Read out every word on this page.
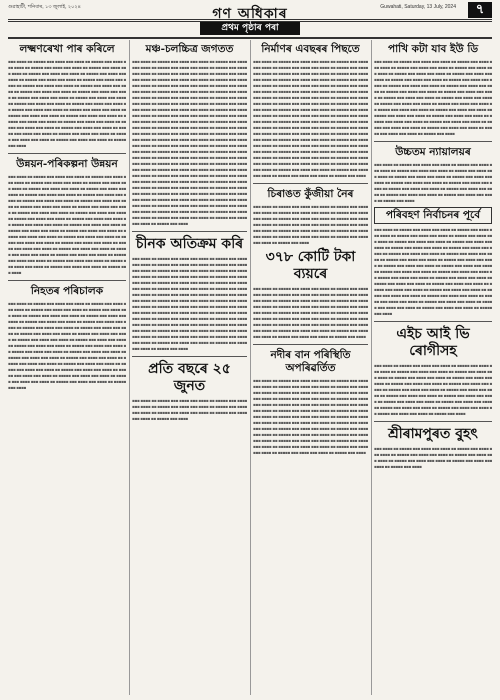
গুৱাহাটী, শনিবাৰ, ১৩ জুলাই, ২০২৪	গণ অধিকাৰ	Guwahati, Saturday, 13 July, 2024	৭
প্ৰথম পৃষ্ঠাৰ পৰা
লক্ষ্মণৰেখা পাৰ কৰিলে
▪▪▪ ▪▪▪▪ ▪▪ ▪▪▪▪▪ ▪▪▪ ▪▪▪▪ ▪▪▪ ▪▪▪▪ ▪▪ ▪▪▪▪▪ ▪▪▪ ▪▪▪▪ ▪▪▪ ▪▪▪▪ ▪▪ ▪▪▪▪▪ ▪▪▪ ▪▪▪▪ ▪▪▪ ▪▪▪▪ ▪▪ ▪▪▪▪▪ ▪▪▪ ▪▪▪▪ ▪▪▪ ▪▪▪▪ ▪▪ ▪▪▪▪▪ ▪▪▪ ▪▪▪▪ ▪▪▪ ▪▪▪▪ ▪▪ ▪▪▪▪▪ ▪▪▪ ▪▪▪▪ ▪▪▪ ▪▪▪▪ ▪▪ ▪▪▪▪▪ ▪▪▪ ▪▪▪▪ ▪▪▪ ▪▪▪▪ ▪▪ ▪▪▪▪▪ ▪▪▪ ▪▪▪▪ ▪▪▪ ▪▪▪▪ ▪▪ ▪▪▪▪▪ ▪▪▪ ▪▪▪▪ ▪▪▪ ▪▪▪▪ ▪▪ ▪▪▪▪▪ ▪▪▪ ▪▪▪▪ ▪▪▪ ▪▪▪▪ ▪▪ ▪▪▪▪▪ ▪▪▪ ▪▪▪▪ ▪▪▪ ▪▪▪▪ ▪▪ ▪▪▪▪▪ ▪▪▪ ▪▪▪▪ ▪▪▪ ▪▪▪▪ ▪▪ ▪▪▪▪▪ ▪▪▪ ▪▪▪▪ ▪▪▪ ▪▪▪▪ ▪▪ ▪▪▪▪▪ ▪▪▪ ▪▪▪▪ ▪▪▪ ▪▪▪▪ ▪▪ ▪▪▪▪▪ ▪▪▪ ▪▪▪▪ ▪▪▪ ▪▪▪▪ ▪▪ ▪▪▪▪▪ ▪▪▪ ▪▪▪▪ ▪▪▪ ▪▪▪▪ ▪▪ ▪▪▪▪▪ ▪▪▪ ▪▪▪▪ ▪▪▪ ▪▪▪▪ ▪▪ ▪▪▪▪▪ ▪▪▪ ▪▪▪▪ ▪▪▪ ▪▪▪▪ ▪▪ ▪▪▪▪▪ ▪▪▪ ▪▪▪▪ ▪▪▪ ▪▪▪▪ ▪▪ ▪▪▪▪▪ ▪▪▪ ▪▪▪▪ ▪▪▪ ▪▪▪▪ ▪▪ ▪▪▪▪▪ ▪▪▪ ▪▪▪▪ ▪▪▪ ▪▪▪▪ ▪▪ ▪▪▪▪▪ ▪▪▪ ▪▪▪▪ ▪▪▪ ▪▪▪▪ ▪▪ ▪▪▪▪▪ ▪▪▪ ▪▪▪▪ ▪▪▪ ▪▪▪▪ ▪▪ ▪▪▪▪▪ ▪▪▪ ▪▪▪▪ ▪▪▪ ▪▪▪▪ ▪▪ ▪▪▪▪▪ ▪▪▪ ▪▪▪▪ ▪▪▪ ▪▪▪▪ ▪▪ ▪▪▪▪▪ ▪▪▪ ▪▪▪▪ ▪▪▪ ▪▪▪▪ ▪▪ ▪▪▪▪▪ ▪▪▪ ▪▪▪▪ ▪▪▪ ▪▪▪▪ ▪▪ ▪▪▪▪▪ ▪▪▪ ▪▪▪▪ ▪▪▪ ▪▪▪▪ ▪▪ ▪▪▪▪▪ ▪▪▪ ▪▪▪▪
উন্নয়ন-পৰিকল্পনা উন্নয়ন
▪▪▪ ▪▪▪▪ ▪▪ ▪▪▪▪▪ ▪▪▪ ▪▪▪▪ ▪▪▪ ▪▪▪▪ ▪▪ ▪▪▪▪▪ ▪▪▪ ▪▪▪▪ ▪▪▪ ▪▪▪▪ ▪▪ ▪▪▪▪▪ ▪▪▪ ▪▪▪▪ ▪▪▪ ▪▪▪▪ ▪▪ ▪▪▪▪▪ ▪▪▪ ▪▪▪▪ ▪▪▪ ▪▪▪▪ ▪▪ ▪▪▪▪▪ ▪▪▪ ▪▪▪▪ ▪▪▪ ▪▪▪▪ ▪▪ ▪▪▪▪▪ ▪▪▪ ▪▪▪▪ ▪▪▪ ▪▪▪▪ ▪▪ ▪▪▪▪▪ ▪▪▪ ▪▪▪▪ ▪▪▪ ▪▪▪▪ ▪▪ ▪▪▪▪▪ ▪▪▪ ▪▪▪▪ ▪▪▪ ▪▪▪▪ ▪▪ ▪▪▪▪▪ ▪▪▪ ▪▪▪▪ ▪▪▪ ▪▪▪▪ ▪▪ ▪▪▪▪▪ ▪▪▪ ▪▪▪▪ ▪▪▪ ▪▪▪▪ ▪▪ ▪▪▪▪▪ ▪▪▪ ▪▪▪▪ ▪▪▪ ▪▪▪▪ ▪▪ ▪▪▪▪▪ ▪▪▪ ▪▪▪▪ ▪▪▪ ▪▪▪▪ ▪▪ ▪▪▪▪▪ ▪▪▪ ▪▪▪▪ ▪▪▪ ▪▪▪▪ ▪▪ ▪▪▪▪▪ ▪▪▪ ▪▪▪▪ ▪▪▪ ▪▪▪▪ ▪▪ ▪▪▪▪▪ ▪▪▪ ▪▪▪▪ ▪▪▪ ▪▪▪▪ ▪▪ ▪▪▪▪▪ ▪▪▪ ▪▪▪▪ ▪▪▪ ▪▪▪▪ ▪▪ ▪▪▪▪▪ ▪▪▪ ▪▪▪▪ ▪▪▪ ▪▪▪▪ ▪▪ ▪▪▪▪▪ ▪▪▪ ▪▪▪▪ ▪▪▪ ▪▪▪▪ ▪▪ ▪▪▪▪▪ ▪▪▪ ▪▪▪▪ ▪▪▪ ▪▪▪▪ ▪▪ ▪▪▪▪▪ ▪▪▪ ▪▪▪▪ ▪▪▪ ▪▪▪▪ ▪▪ ▪▪▪▪▪ ▪▪▪ ▪▪▪▪ ▪▪▪ ▪▪▪▪ ▪▪ ▪▪▪▪▪ ▪▪▪ ▪▪▪▪ ▪▪▪ ▪▪▪▪ ▪▪ ▪▪▪▪▪ ▪▪▪ ▪▪▪▪ ▪▪▪ ▪▪▪▪ ▪▪ ▪▪▪▪▪ ▪▪▪ ▪▪▪▪ ▪▪▪ ▪▪▪▪ ▪▪ ▪▪▪▪▪ ▪▪▪ ▪▪▪▪ ▪▪▪ ▪▪▪▪ ▪▪ ▪▪▪▪▪ ▪▪▪ ▪▪▪▪ ▪▪▪ ▪▪▪▪ ▪▪ ▪▪▪▪▪ ▪▪▪ ▪▪▪▪ ▪▪▪ ▪▪▪▪ ▪▪ ▪▪▪▪▪ ▪▪▪ ▪▪▪▪ ▪▪▪ ▪▪▪▪ ▪▪ ▪▪▪▪▪ ▪▪▪ ▪▪▪▪ ▪▪▪ ▪▪▪▪ ▪▪ ▪▪▪▪▪ ▪▪▪ ▪▪▪▪ ▪▪▪ ▪▪▪▪ ▪▪ ▪▪▪▪▪ ▪▪▪ ▪▪▪▪ ▪▪▪ ▪▪▪▪ ▪▪ ▪▪▪▪▪ ▪▪▪ ▪▪▪▪ ▪▪▪ ▪▪▪▪ ▪▪ ▪▪▪▪▪ ▪▪▪ ▪▪▪▪
নিহতৰ পৰিচালক
▪▪▪ ▪▪▪▪ ▪▪ ▪▪▪▪▪ ▪▪▪ ▪▪▪▪ ▪▪▪ ▪▪▪▪ ▪▪ ▪▪▪▪▪ ▪▪▪ ▪▪▪▪ ▪▪▪ ▪▪▪▪ ▪▪ ▪▪▪▪▪ ▪▪▪ ▪▪▪▪ ▪▪▪ ▪▪▪▪ ▪▪ ▪▪▪▪▪ ▪▪▪ ▪▪▪▪ ▪▪▪ ▪▪▪▪ ▪▪ ▪▪▪▪▪ ▪▪▪ ▪▪▪▪ ▪▪▪ ▪▪▪▪ ▪▪ ▪▪▪▪▪ ▪▪▪ ▪▪▪▪ ▪▪▪ ▪▪▪▪ ▪▪ ▪▪▪▪▪ ▪▪▪ ▪▪▪▪ ▪▪▪ ▪▪▪▪ ▪▪ ▪▪▪▪▪ ▪▪▪ ▪▪▪▪ ▪▪▪ ▪▪▪▪ ▪▪ ▪▪▪▪▪ ▪▪▪ ▪▪▪▪ ▪▪▪ ▪▪▪▪ ▪▪ ▪▪▪▪▪ ▪▪▪ ▪▪▪▪ ▪▪▪ ▪▪▪▪ ▪▪ ▪▪▪▪▪ ▪▪▪ ▪▪▪▪ ▪▪▪ ▪▪▪▪ ▪▪ ▪▪▪▪▪ ▪▪▪ ▪▪▪▪ ▪▪▪ ▪▪▪▪ ▪▪ ▪▪▪▪▪ ▪▪▪ ▪▪▪▪ ▪▪▪ ▪▪▪▪ ▪▪ ▪▪▪▪▪ ▪▪▪ ▪▪▪▪ ▪▪▪ ▪▪▪▪ ▪▪ ▪▪▪▪▪ ▪▪▪ ▪▪▪▪ ▪▪▪ ▪▪▪▪ ▪▪ ▪▪▪▪▪ ▪▪▪ ▪▪▪▪ ▪▪▪ ▪▪▪▪ ▪▪ ▪▪▪▪▪ ▪▪▪ ▪▪▪▪ ▪▪▪ ▪▪▪▪ ▪▪ ▪▪▪▪▪ ▪▪▪ ▪▪▪▪ ▪▪▪ ▪▪▪▪ ▪▪ ▪▪▪▪▪ ▪▪▪ ▪▪▪▪ ▪▪▪ ▪▪▪▪ ▪▪ ▪▪▪▪▪ ▪▪▪ ▪▪▪▪ ▪▪▪ ▪▪▪▪ ▪▪ ▪▪▪▪▪ ▪▪▪ ▪▪▪▪ ▪▪▪ ▪▪▪▪ ▪▪ ▪▪▪▪▪ ▪▪▪ ▪▪▪▪ ▪▪▪ ▪▪▪▪ ▪▪ ▪▪▪▪▪ ▪▪▪ ▪▪▪▪ ▪▪▪ ▪▪▪▪ ▪▪ ▪▪▪▪▪ ▪▪▪ ▪▪▪▪ ▪▪▪ ▪▪▪▪ ▪▪ ▪▪▪▪▪ ▪▪▪ ▪▪▪▪ ▪▪▪ ▪▪▪▪ ▪▪ ▪▪▪▪▪ ▪▪▪ ▪▪▪▪ ▪▪▪ ▪▪▪▪ ▪▪ ▪▪▪▪▪ ▪▪▪ ▪▪▪▪ ▪▪▪ ▪▪▪▪ ▪▪ ▪▪▪▪▪ ▪▪▪ ▪▪▪▪ ▪▪▪ ▪▪▪▪ ▪▪ ▪▪▪▪▪ ▪▪▪ ▪▪▪▪
মঞ্চ-চলচ্চিত্ৰ জগতত
▪▪▪ ▪▪▪▪ ▪▪ ▪▪▪▪▪ ▪▪▪ ▪▪▪▪ ▪▪▪ ▪▪▪▪ ▪▪ ▪▪▪▪▪ ▪▪▪ ▪▪▪▪ ▪▪▪ ▪▪▪▪ ▪▪ ▪▪▪▪▪ ▪▪▪ ▪▪▪▪ ▪▪▪ ▪▪▪▪ ▪▪ ▪▪▪▪▪ ▪▪▪ ▪▪▪▪ ▪▪▪ ▪▪▪▪ ▪▪ ▪▪▪▪▪ ▪▪▪ ▪▪▪▪ ▪▪▪ ▪▪▪▪ ▪▪ ▪▪▪▪▪ ▪▪▪ ▪▪▪▪ ▪▪▪ ▪▪▪▪ ▪▪ ▪▪▪▪▪ ▪▪▪ ▪▪▪▪ ▪▪▪ ▪▪▪▪ ▪▪ ▪▪▪▪▪ ▪▪▪ ▪▪▪▪ ▪▪▪ ▪▪▪▪ ▪▪ ▪▪▪▪▪ ▪▪▪ ▪▪▪▪ ▪▪▪ ▪▪▪▪ ▪▪ ▪▪▪▪▪ ▪▪▪ ▪▪▪▪ ▪▪▪ ▪▪▪▪ ▪▪ ▪▪▪▪▪ ▪▪▪ ▪▪▪▪ ▪▪▪ ▪▪▪▪ ▪▪ ▪▪▪▪▪ ▪▪▪ ▪▪▪▪ ▪▪▪ ▪▪▪▪ ▪▪ ▪▪▪▪▪ ▪▪▪ ▪▪▪▪ ▪▪▪ ▪▪▪▪ ▪▪ ▪▪▪▪▪ ▪▪▪ ▪▪▪▪ ▪▪▪ ▪▪▪▪ ▪▪ ▪▪▪▪▪ ▪▪▪ ▪▪▪▪ ▪▪▪ ▪▪▪▪ ▪▪ ▪▪▪▪▪ ▪▪▪ ▪▪▪▪ ▪▪▪ ▪▪▪▪ ▪▪ ▪▪▪▪▪ ▪▪▪ ▪▪▪▪ ▪▪▪ ▪▪▪▪ ▪▪ ▪▪▪▪▪ ▪▪▪ ▪▪▪▪ ▪▪▪ ▪▪▪▪ ▪▪ ▪▪▪▪▪ ▪▪▪ ▪▪▪▪ ▪▪▪ ▪▪▪▪ ▪▪ ▪▪▪▪▪ ▪▪▪ ▪▪▪▪ ▪▪▪ ▪▪▪▪ ▪▪ ▪▪▪▪▪ ▪▪▪ ▪▪▪▪ ▪▪▪ ▪▪▪▪ ▪▪ ▪▪▪▪▪ ▪▪▪ ▪▪▪▪ ▪▪▪ ▪▪▪▪ ▪▪ ▪▪▪▪▪ ▪▪▪ ▪▪▪▪ ▪▪▪ ▪▪▪▪ ▪▪ ▪▪▪▪▪ ▪▪▪ ▪▪▪▪ ▪▪▪ ▪▪▪▪ ▪▪ ▪▪▪▪▪ ▪▪▪ ▪▪▪▪ ▪▪▪ ▪▪▪▪ ▪▪ ▪▪▪▪▪ ▪▪▪ ▪▪▪▪ ▪▪▪ ▪▪▪▪ ▪▪ ▪▪▪▪▪ ▪▪▪ ▪▪▪▪ ▪▪▪ ▪▪▪▪ ▪▪ ▪▪▪▪▪ ▪▪▪ ▪▪▪▪ ▪▪▪ ▪▪▪▪ ▪▪ ▪▪▪▪▪ ▪▪▪ ▪▪▪▪ ▪▪▪ ▪▪▪▪ ▪▪ ▪▪▪▪▪ ▪▪▪ ▪▪▪▪ ▪▪▪ ▪▪▪▪ ▪▪ ▪▪▪▪▪ ▪▪▪ ▪▪▪▪ ▪▪▪ ▪▪▪▪ ▪▪ ▪▪▪▪▪ ▪▪▪ ▪▪▪▪ ▪▪▪ ▪▪▪▪ ▪▪ ▪▪▪▪▪ ▪▪▪ ▪▪▪▪ ▪▪▪ ▪▪▪▪ ▪▪ ▪▪▪▪▪ ▪▪▪ ▪▪▪▪ ▪▪▪ ▪▪▪▪ ▪▪ ▪▪▪▪▪ ▪▪▪ ▪▪▪▪ ▪▪▪ ▪▪▪▪ ▪▪ ▪▪▪▪▪ ▪▪▪ ▪▪▪▪ ▪▪▪ ▪▪▪▪ ▪▪ ▪▪▪▪▪ ▪▪▪ ▪▪▪▪ ▪▪▪ ▪▪▪▪ ▪▪ ▪▪▪▪▪ ▪▪▪ ▪▪▪▪ ▪▪▪ ▪▪▪▪ ▪▪ ▪▪▪▪▪ ▪▪▪ ▪▪▪▪ ▪▪▪ ▪▪▪▪ ▪▪ ▪▪▪▪▪ ▪▪▪ ▪▪▪▪ ▪▪▪ ▪▪▪▪ ▪▪ ▪▪▪▪▪ ▪▪▪ ▪▪▪▪ ▪▪▪ ▪▪▪▪ ▪▪ ▪▪▪▪▪ ▪▪▪ ▪▪▪▪ ▪▪▪ ▪▪▪▪ ▪▪ ▪▪▪▪▪ ▪▪▪ ▪▪▪▪ ▪▪▪ ▪▪▪▪ ▪▪ ▪▪▪▪▪ ▪▪▪ ▪▪▪▪ ▪▪▪ ▪▪▪▪ ▪▪ ▪▪▪▪▪ ▪▪▪ ▪▪▪▪ ▪▪▪ ▪▪▪▪ ▪▪ ▪▪▪▪▪ ▪▪▪ ▪▪▪▪ ▪▪▪ ▪▪▪▪ ▪▪ ▪▪▪▪▪ ▪▪▪ ▪▪▪▪ ▪▪▪ ▪▪▪▪ ▪▪ ▪▪▪▪▪ ▪▪▪ ▪▪▪▪ ▪▪▪ ▪▪▪▪ ▪▪ ▪▪▪▪▪ ▪▪▪ ▪▪▪▪ ▪▪▪ ▪▪▪▪ ▪▪ ▪▪▪▪▪ ▪▪▪ ▪▪▪▪ ▪▪▪ ▪▪▪▪ ▪▪ ▪▪▪▪▪ ▪▪▪ ▪▪▪▪ ▪▪▪ ▪▪▪▪ ▪▪ ▪▪▪▪▪ ▪▪▪ ▪▪▪▪ ▪▪▪ ▪▪▪▪ ▪▪ ▪▪▪▪▪ ▪▪▪ ▪▪▪▪ ▪▪▪ ▪▪▪▪ ▪▪ ▪▪▪▪▪ ▪▪▪ ▪▪▪▪ ▪▪▪ ▪▪▪▪ ▪▪ ▪▪▪▪▪ ▪▪▪ ▪▪▪▪
চীনক অতিক্ৰম কৰি
▪▪▪ ▪▪▪▪ ▪▪ ▪▪▪▪▪ ▪▪▪ ▪▪▪▪ ▪▪▪ ▪▪▪▪ ▪▪ ▪▪▪▪▪ ▪▪▪ ▪▪▪▪ ▪▪▪ ▪▪▪▪ ▪▪ ▪▪▪▪▪ ▪▪▪ ▪▪▪▪ ▪▪▪ ▪▪▪▪ ▪▪ ▪▪▪▪▪ ▪▪▪ ▪▪▪▪ ▪▪▪ ▪▪▪▪ ▪▪ ▪▪▪▪▪ ▪▪▪ ▪▪▪▪ ▪▪▪ ▪▪▪▪ ▪▪ ▪▪▪▪▪ ▪▪▪ ▪▪▪▪ ▪▪▪ ▪▪▪▪ ▪▪ ▪▪▪▪▪ ▪▪▪ ▪▪▪▪ ▪▪▪ ▪▪▪▪ ▪▪ ▪▪▪▪▪ ▪▪▪ ▪▪▪▪ ▪▪▪ ▪▪▪▪ ▪▪ ▪▪▪▪▪ ▪▪▪ ▪▪▪▪ ▪▪▪ ▪▪▪▪ ▪▪ ▪▪▪▪▪ ▪▪▪ ▪▪▪▪ ▪▪▪ ▪▪▪▪ ▪▪ ▪▪▪▪▪ ▪▪▪ ▪▪▪▪ ▪▪▪ ▪▪▪▪ ▪▪ ▪▪▪▪▪ ▪▪▪ ▪▪▪▪ ▪▪▪ ▪▪▪▪ ▪▪ ▪▪▪▪▪ ▪▪▪ ▪▪▪▪ ▪▪▪ ▪▪▪▪ ▪▪ ▪▪▪▪▪ ▪▪▪ ▪▪▪▪ ▪▪▪ ▪▪▪▪ ▪▪ ▪▪▪▪▪ ▪▪▪ ▪▪▪▪ ▪▪▪ ▪▪▪▪ ▪▪ ▪▪▪▪▪ ▪▪▪ ▪▪▪▪ ▪▪▪ ▪▪▪▪ ▪▪ ▪▪▪▪▪ ▪▪▪ ▪▪▪▪ ▪▪▪ ▪▪▪▪ ▪▪ ▪▪▪▪▪ ▪▪▪ ▪▪▪▪ ▪▪▪ ▪▪▪▪ ▪▪ ▪▪▪▪▪ ▪▪▪ ▪▪▪▪ ▪▪▪ ▪▪▪▪ ▪▪ ▪▪▪▪▪ ▪▪▪ ▪▪▪▪ ▪▪▪ ▪▪▪▪ ▪▪ ▪▪▪▪▪ ▪▪▪ ▪▪▪▪ ▪▪▪ ▪▪▪▪ ▪▪ ▪▪▪▪▪ ▪▪▪ ▪▪▪▪ ▪▪▪ ▪▪▪▪ ▪▪ ▪▪▪▪▪ ▪▪▪ ▪▪▪▪ ▪▪▪ ▪▪▪▪ ▪▪ ▪▪▪▪▪ ▪▪▪ ▪▪▪▪ ▪▪▪ ▪▪▪▪ ▪▪ ▪▪▪▪▪ ▪▪▪ ▪▪▪▪ ▪▪▪ ▪▪▪▪ ▪▪ ▪▪▪▪▪ ▪▪▪ ▪▪▪▪ ▪▪▪ ▪▪▪▪ ▪▪ ▪▪▪▪▪ ▪▪▪ ▪▪▪▪ ▪▪▪ ▪▪▪▪ ▪▪ ▪▪▪▪▪ ▪▪▪ ▪▪▪▪ ▪▪▪ ▪▪▪▪ ▪▪ ▪▪▪▪▪ ▪▪▪ ▪▪▪▪ ▪▪▪ ▪▪▪▪ ▪▪ ▪▪▪▪▪ ▪▪▪ ▪▪▪▪ ▪▪▪ ▪▪▪▪ ▪▪ ▪▪▪▪▪ ▪▪▪ ▪▪▪▪
প্ৰতি বছৰে ২৫ জুনত
▪▪▪ ▪▪▪▪ ▪▪ ▪▪▪▪▪ ▪▪▪ ▪▪▪▪ ▪▪▪ ▪▪▪▪ ▪▪ ▪▪▪▪▪ ▪▪▪ ▪▪▪▪ ▪▪▪ ▪▪▪▪ ▪▪ ▪▪▪▪▪ ▪▪▪ ▪▪▪▪ ▪▪▪ ▪▪▪▪ ▪▪ ▪▪▪▪▪ ▪▪▪ ▪▪▪▪ ▪▪▪ ▪▪▪▪ ▪▪ ▪▪▪▪▪ ▪▪▪ ▪▪▪▪ ▪▪▪ ▪▪▪▪ ▪▪ ▪▪▪▪▪ ▪▪▪ ▪▪▪▪ ▪▪▪ ▪▪▪▪ ▪▪ ▪▪▪▪▪ ▪▪▪ ▪▪▪▪
নিৰ্মাণৰ এবছৰৰ পিছতে
▪▪▪ ▪▪▪▪ ▪▪ ▪▪▪▪▪ ▪▪▪ ▪▪▪▪ ▪▪▪ ▪▪▪▪ ▪▪ ▪▪▪▪▪ ▪▪▪ ▪▪▪▪ ▪▪▪ ▪▪▪▪ ▪▪ ▪▪▪▪▪ ▪▪▪ ▪▪▪▪ ▪▪▪ ▪▪▪▪ ▪▪ ▪▪▪▪▪ ▪▪▪ ▪▪▪▪ ▪▪▪ ▪▪▪▪ ▪▪ ▪▪▪▪▪ ▪▪▪ ▪▪▪▪ ▪▪▪ ▪▪▪▪ ▪▪ ▪▪▪▪▪ ▪▪▪ ▪▪▪▪ ▪▪▪ ▪▪▪▪ ▪▪ ▪▪▪▪▪ ▪▪▪ ▪▪▪▪ ▪▪▪ ▪▪▪▪ ▪▪ ▪▪▪▪▪ ▪▪▪ ▪▪▪▪ ▪▪▪ ▪▪▪▪ ▪▪ ▪▪▪▪▪ ▪▪▪ ▪▪▪▪ ▪▪▪ ▪▪▪▪ ▪▪ ▪▪▪▪▪ ▪▪▪ ▪▪▪▪ ▪▪▪ ▪▪▪▪ ▪▪ ▪▪▪▪▪ ▪▪▪ ▪▪▪▪ ▪▪▪ ▪▪▪▪ ▪▪ ▪▪▪▪▪ ▪▪▪ ▪▪▪▪ ▪▪▪ ▪▪▪▪ ▪▪ ▪▪▪▪▪ ▪▪▪ ▪▪▪▪ ▪▪▪ ▪▪▪▪ ▪▪ ▪▪▪▪▪ ▪▪▪ ▪▪▪▪ ▪▪▪ ▪▪▪▪ ▪▪ ▪▪▪▪▪ ▪▪▪ ▪▪▪▪ ▪▪▪ ▪▪▪▪ ▪▪ ▪▪▪▪▪ ▪▪▪ ▪▪▪▪ ▪▪▪ ▪▪▪▪ ▪▪ ▪▪▪▪▪ ▪▪▪ ▪▪▪▪ ▪▪▪ ▪▪▪▪ ▪▪ ▪▪▪▪▪ ▪▪▪ ▪▪▪▪ ▪▪▪ ▪▪▪▪ ▪▪ ▪▪▪▪▪ ▪▪▪ ▪▪▪▪ ▪▪▪ ▪▪▪▪ ▪▪ ▪▪▪▪▪ ▪▪▪ ▪▪▪▪ ▪▪▪ ▪▪▪▪ ▪▪ ▪▪▪▪▪ ▪▪▪ ▪▪▪▪ ▪▪▪ ▪▪▪▪ ▪▪ ▪▪▪▪▪ ▪▪▪ ▪▪▪▪ ▪▪▪ ▪▪▪▪ ▪▪ ▪▪▪▪▪ ▪▪▪ ▪▪▪▪ ▪▪▪ ▪▪▪▪ ▪▪ ▪▪▪▪▪ ▪▪▪ ▪▪▪▪ ▪▪▪ ▪▪▪▪ ▪▪ ▪▪▪▪▪ ▪▪▪ ▪▪▪▪ ▪▪▪ ▪▪▪▪ ▪▪ ▪▪▪▪▪ ▪▪▪ ▪▪▪▪ ▪▪▪ ▪▪▪▪ ▪▪ ▪▪▪▪▪ ▪▪▪ ▪▪▪▪ ▪▪▪ ▪▪▪▪ ▪▪ ▪▪▪▪▪ ▪▪▪ ▪▪▪▪ ▪▪▪ ▪▪▪▪ ▪▪ ▪▪▪▪▪ ▪▪▪ ▪▪▪▪ ▪▪▪ ▪▪▪▪ ▪▪ ▪▪▪▪▪ ▪▪▪ ▪▪▪▪ ▪▪▪ ▪▪▪▪ ▪▪ ▪▪▪▪▪ ▪▪▪ ▪▪▪▪ ▪▪▪ ▪▪▪▪ ▪▪ ▪▪▪▪▪ ▪▪▪ ▪▪▪▪ ▪▪▪ ▪▪▪▪ ▪▪ ▪▪▪▪▪ ▪▪▪ ▪▪▪▪ ▪▪▪ ▪▪▪▪ ▪▪ ▪▪▪▪▪ ▪▪▪ ▪▪▪▪ ▪▪▪ ▪▪▪▪ ▪▪ ▪▪▪▪▪ ▪▪▪ ▪▪▪▪ ▪▪▪ ▪▪▪▪ ▪▪ ▪▪▪▪▪ ▪▪▪ ▪▪▪▪ ▪▪▪ ▪▪▪▪ ▪▪ ▪▪▪▪▪ ▪▪▪ ▪▪▪▪ ▪▪▪ ▪▪▪▪ ▪▪ ▪▪▪▪▪ ▪▪▪ ▪▪▪▪ ▪▪▪ ▪▪▪▪ ▪▪ ▪▪▪▪▪ ▪▪▪ ▪▪▪▪ ▪▪▪ ▪▪▪▪ ▪▪ ▪▪▪▪▪ ▪▪▪ ▪▪▪▪
চিৰাঙত কুঁজীয়া নৈৰ
▪▪▪ ▪▪▪▪ ▪▪ ▪▪▪▪▪ ▪▪▪ ▪▪▪▪ ▪▪▪ ▪▪▪▪ ▪▪ ▪▪▪▪▪ ▪▪▪ ▪▪▪▪ ▪▪▪ ▪▪▪▪ ▪▪ ▪▪▪▪▪ ▪▪▪ ▪▪▪▪ ▪▪▪ ▪▪▪▪ ▪▪ ▪▪▪▪▪ ▪▪▪ ▪▪▪▪ ▪▪▪ ▪▪▪▪ ▪▪ ▪▪▪▪▪ ▪▪▪ ▪▪▪▪ ▪▪▪ ▪▪▪▪ ▪▪ ▪▪▪▪▪ ▪▪▪ ▪▪▪▪ ▪▪▪ ▪▪▪▪ ▪▪ ▪▪▪▪▪ ▪▪▪ ▪▪▪▪ ▪▪▪ ▪▪▪▪ ▪▪ ▪▪▪▪▪ ▪▪▪ ▪▪▪▪ ▪▪▪ ▪▪▪▪ ▪▪ ▪▪▪▪▪ ▪▪▪ ▪▪▪▪ ▪▪▪ ▪▪▪▪ ▪▪ ▪▪▪▪▪ ▪▪▪ ▪▪▪▪ ▪▪▪ ▪▪▪▪ ▪▪ ▪▪▪▪▪ ▪▪▪ ▪▪▪▪ ▪▪▪ ▪▪▪▪ ▪▪ ▪▪▪▪▪ ▪▪▪ ▪▪▪▪ ▪▪▪ ▪▪▪▪ ▪▪ ▪▪▪▪▪ ▪▪▪ ▪▪▪▪
৩৭৮ কোটি টকা ব্যয়ৰে
▪▪▪ ▪▪▪▪ ▪▪ ▪▪▪▪▪ ▪▪▪ ▪▪▪▪ ▪▪▪ ▪▪▪▪ ▪▪ ▪▪▪▪▪ ▪▪▪ ▪▪▪▪ ▪▪▪ ▪▪▪▪ ▪▪ ▪▪▪▪▪ ▪▪▪ ▪▪▪▪ ▪▪▪ ▪▪▪▪ ▪▪ ▪▪▪▪▪ ▪▪▪ ▪▪▪▪ ▪▪▪ ▪▪▪▪ ▪▪ ▪▪▪▪▪ ▪▪▪ ▪▪▪▪ ▪▪▪ ▪▪▪▪ ▪▪ ▪▪▪▪▪ ▪▪▪ ▪▪▪▪ ▪▪▪ ▪▪▪▪ ▪▪ ▪▪▪▪▪ ▪▪▪ ▪▪▪▪ ▪▪▪ ▪▪▪▪ ▪▪ ▪▪▪▪▪ ▪▪▪ ▪▪▪▪ ▪▪▪ ▪▪▪▪ ▪▪ ▪▪▪▪▪ ▪▪▪ ▪▪▪▪ ▪▪▪ ▪▪▪▪ ▪▪ ▪▪▪▪▪ ▪▪▪ ▪▪▪▪ ▪▪▪ ▪▪▪▪ ▪▪ ▪▪▪▪▪ ▪▪▪ ▪▪▪▪ ▪▪▪ ▪▪▪▪ ▪▪ ▪▪▪▪▪ ▪▪▪ ▪▪▪▪ ▪▪▪ ▪▪▪▪ ▪▪ ▪▪▪▪▪ ▪▪▪ ▪▪▪▪ ▪▪▪ ▪▪▪▪ ▪▪ ▪▪▪▪▪ ▪▪▪ ▪▪▪▪ ▪▪▪ ▪▪▪▪ ▪▪ ▪▪▪▪▪ ▪▪▪ ▪▪▪▪ ▪▪▪ ▪▪▪▪ ▪▪ ▪▪▪▪▪ ▪▪▪ ▪▪▪▪ ▪▪▪ ▪▪▪▪ ▪▪ ▪▪▪▪▪ ▪▪▪ ▪▪▪▪ ▪▪▪ ▪▪▪▪ ▪▪ ▪▪▪▪▪ ▪▪▪ ▪▪▪▪
নদীৰ বান পৰিস্থিতি অপৰিৱৰ্তিত
▪▪▪ ▪▪▪▪ ▪▪ ▪▪▪▪▪ ▪▪▪ ▪▪▪▪ ▪▪▪ ▪▪▪▪ ▪▪ ▪▪▪▪▪ ▪▪▪ ▪▪▪▪ ▪▪▪ ▪▪▪▪ ▪▪ ▪▪▪▪▪ ▪▪▪ ▪▪▪▪ ▪▪▪ ▪▪▪▪ ▪▪ ▪▪▪▪▪ ▪▪▪ ▪▪▪▪ ▪▪▪ ▪▪▪▪ ▪▪ ▪▪▪▪▪ ▪▪▪ ▪▪▪▪ ▪▪▪ ▪▪▪▪ ▪▪ ▪▪▪▪▪ ▪▪▪ ▪▪▪▪ ▪▪▪ ▪▪▪▪ ▪▪ ▪▪▪▪▪ ▪▪▪ ▪▪▪▪ ▪▪▪ ▪▪▪▪ ▪▪ ▪▪▪▪▪ ▪▪▪ ▪▪▪▪ ▪▪▪ ▪▪▪▪ ▪▪ ▪▪▪▪▪ ▪▪▪ ▪▪▪▪ ▪▪▪ ▪▪▪▪ ▪▪ ▪▪▪▪▪ ▪▪▪ ▪▪▪▪ ▪▪▪ ▪▪▪▪ ▪▪ ▪▪▪▪▪ ▪▪▪ ▪▪▪▪ ▪▪▪ ▪▪▪▪ ▪▪ ▪▪▪▪▪ ▪▪▪ ▪▪▪▪ ▪▪▪ ▪▪▪▪ ▪▪ ▪▪▪▪▪ ▪▪▪ ▪▪▪▪ ▪▪▪ ▪▪▪▪ ▪▪ ▪▪▪▪▪ ▪▪▪ ▪▪▪▪ ▪▪▪ ▪▪▪▪ ▪▪ ▪▪▪▪▪ ▪▪▪ ▪▪▪▪ ▪▪▪ ▪▪▪▪ ▪▪ ▪▪▪▪▪ ▪▪▪ ▪▪▪▪ ▪▪▪ ▪▪▪▪ ▪▪ ▪▪▪▪▪ ▪▪▪ ▪▪▪▪ ▪▪▪ ▪▪▪▪ ▪▪ ▪▪▪▪▪ ▪▪▪ ▪▪▪▪ ▪▪▪ ▪▪▪▪ ▪▪ ▪▪▪▪▪ ▪▪▪ ▪▪▪▪ ▪▪▪ ▪▪▪▪ ▪▪ ▪▪▪▪▪ ▪▪▪ ▪▪▪▪ ▪▪▪ ▪▪▪▪ ▪▪ ▪▪▪▪▪ ▪▪▪ ▪▪▪▪ ▪▪▪ ▪▪▪▪ ▪▪ ▪▪▪▪▪ ▪▪▪ ▪▪▪▪ ▪▪▪ ▪▪▪▪ ▪▪ ▪▪▪▪▪ ▪▪▪ ▪▪▪▪ ▪▪▪ ▪▪▪▪ ▪▪ ▪▪▪▪▪ ▪▪▪ ▪▪▪▪ ▪▪▪ ▪▪▪▪ ▪▪ ▪▪▪▪▪ ▪▪▪ ▪▪▪▪ ▪▪▪ ▪▪▪▪ ▪▪ ▪▪▪▪▪ ▪▪▪ ▪▪▪▪
পাখি কটা যাব ইউ ডি
▪▪▪ ▪▪▪▪ ▪▪ ▪▪▪▪▪ ▪▪▪ ▪▪▪▪ ▪▪▪ ▪▪▪▪ ▪▪ ▪▪▪▪▪ ▪▪▪ ▪▪▪▪ ▪▪▪ ▪▪▪▪ ▪▪ ▪▪▪▪▪ ▪▪▪ ▪▪▪▪ ▪▪▪ ▪▪▪▪ ▪▪ ▪▪▪▪▪ ▪▪▪ ▪▪▪▪ ▪▪▪ ▪▪▪▪ ▪▪ ▪▪▪▪▪ ▪▪▪ ▪▪▪▪ ▪▪▪ ▪▪▪▪ ▪▪ ▪▪▪▪▪ ▪▪▪ ▪▪▪▪ ▪▪▪ ▪▪▪▪ ▪▪ ▪▪▪▪▪ ▪▪▪ ▪▪▪▪ ▪▪▪ ▪▪▪▪ ▪▪ ▪▪▪▪▪ ▪▪▪ ▪▪▪▪ ▪▪▪ ▪▪▪▪ ▪▪ ▪▪▪▪▪ ▪▪▪ ▪▪▪▪ ▪▪▪ ▪▪▪▪ ▪▪ ▪▪▪▪▪ ▪▪▪ ▪▪▪▪ ▪▪▪ ▪▪▪▪ ▪▪ ▪▪▪▪▪ ▪▪▪ ▪▪▪▪ ▪▪▪ ▪▪▪▪ ▪▪ ▪▪▪▪▪ ▪▪▪ ▪▪▪▪ ▪▪▪ ▪▪▪▪ ▪▪ ▪▪▪▪▪ ▪▪▪ ▪▪▪▪ ▪▪▪ ▪▪▪▪ ▪▪ ▪▪▪▪▪ ▪▪▪ ▪▪▪▪ ▪▪▪ ▪▪▪▪ ▪▪ ▪▪▪▪▪ ▪▪▪ ▪▪▪▪ ▪▪▪ ▪▪▪▪ ▪▪ ▪▪▪▪▪ ▪▪▪ ▪▪▪▪ ▪▪▪ ▪▪▪▪ ▪▪ ▪▪▪▪▪ ▪▪▪ ▪▪▪▪ ▪▪▪ ▪▪▪▪ ▪▪ ▪▪▪▪▪ ▪▪▪ ▪▪▪▪ ▪▪▪ ▪▪▪▪ ▪▪ ▪▪▪▪▪ ▪▪▪ ▪▪▪▪ ▪▪▪ ▪▪▪▪ ▪▪ ▪▪▪▪▪ ▪▪▪ ▪▪▪▪ ▪▪▪ ▪▪▪▪ ▪▪ ▪▪▪▪▪ ▪▪▪ ▪▪▪▪ ▪▪▪ ▪▪▪▪ ▪▪ ▪▪▪▪▪ ▪▪▪ ▪▪▪▪ ▪▪▪ ▪▪▪▪ ▪▪ ▪▪▪▪▪ ▪▪▪ ▪▪▪▪ ▪▪▪ ▪▪▪▪ ▪▪ ▪▪▪▪▪ ▪▪▪ ▪▪▪▪ ▪▪▪ ▪▪▪▪ ▪▪ ▪▪▪▪▪ ▪▪▪ ▪▪▪▪ ▪▪▪ ▪▪▪▪ ▪▪ ▪▪▪▪▪ ▪▪▪ ▪▪▪▪
উচ্চতম ন্যায়ালয়ৰ
▪▪▪ ▪▪▪▪ ▪▪ ▪▪▪▪▪ ▪▪▪ ▪▪▪▪ ▪▪▪ ▪▪▪▪ ▪▪ ▪▪▪▪▪ ▪▪▪ ▪▪▪▪ ▪▪▪ ▪▪▪▪ ▪▪ ▪▪▪▪▪ ▪▪▪ ▪▪▪▪ ▪▪▪ ▪▪▪▪ ▪▪ ▪▪▪▪▪ ▪▪▪ ▪▪▪▪ ▪▪▪ ▪▪▪▪ ▪▪ ▪▪▪▪▪ ▪▪▪ ▪▪▪▪ ▪▪▪ ▪▪▪▪ ▪▪ ▪▪▪▪▪ ▪▪▪ ▪▪▪▪ ▪▪▪ ▪▪▪▪ ▪▪ ▪▪▪▪▪ ▪▪▪ ▪▪▪▪ ▪▪▪ ▪▪▪▪ ▪▪ ▪▪▪▪▪ ▪▪▪ ▪▪▪▪ ▪▪▪ ▪▪▪▪ ▪▪ ▪▪▪▪▪ ▪▪▪ ▪▪▪▪ ▪▪▪ ▪▪▪▪ ▪▪ ▪▪▪▪▪ ▪▪▪ ▪▪▪▪ ▪▪▪ ▪▪▪▪ ▪▪ ▪▪▪▪▪ ▪▪▪ ▪▪▪▪ ▪▪▪ ▪▪▪▪ ▪▪ ▪▪▪▪▪ ▪▪▪ ▪▪▪▪ ▪▪▪ ▪▪▪▪ ▪▪ ▪▪▪▪▪ ▪▪▪ ▪▪▪▪
পৰিবহণ নিৰ্বাচনৰ পূৰ্বে
▪▪▪ ▪▪▪▪ ▪▪ ▪▪▪▪▪ ▪▪▪ ▪▪▪▪ ▪▪▪ ▪▪▪▪ ▪▪ ▪▪▪▪▪ ▪▪▪ ▪▪▪▪ ▪▪▪ ▪▪▪▪ ▪▪ ▪▪▪▪▪ ▪▪▪ ▪▪▪▪ ▪▪▪ ▪▪▪▪ ▪▪ ▪▪▪▪▪ ▪▪▪ ▪▪▪▪ ▪▪▪ ▪▪▪▪ ▪▪ ▪▪▪▪▪ ▪▪▪ ▪▪▪▪ ▪▪▪ ▪▪▪▪ ▪▪ ▪▪▪▪▪ ▪▪▪ ▪▪▪▪ ▪▪▪ ▪▪▪▪ ▪▪ ▪▪▪▪▪ ▪▪▪ ▪▪▪▪ ▪▪▪ ▪▪▪▪ ▪▪ ▪▪▪▪▪ ▪▪▪ ▪▪▪▪ ▪▪▪ ▪▪▪▪ ▪▪ ▪▪▪▪▪ ▪▪▪ ▪▪▪▪ ▪▪▪ ▪▪▪▪ ▪▪ ▪▪▪▪▪ ▪▪▪ ▪▪▪▪ ▪▪▪ ▪▪▪▪ ▪▪ ▪▪▪▪▪ ▪▪▪ ▪▪▪▪ ▪▪▪ ▪▪▪▪ ▪▪ ▪▪▪▪▪ ▪▪▪ ▪▪▪▪ ▪▪▪ ▪▪▪▪ ▪▪ ▪▪▪▪▪ ▪▪▪ ▪▪▪▪ ▪▪▪ ▪▪▪▪ ▪▪ ▪▪▪▪▪ ▪▪▪ ▪▪▪▪ ▪▪▪ ▪▪▪▪ ▪▪ ▪▪▪▪▪ ▪▪▪ ▪▪▪▪ ▪▪▪ ▪▪▪▪ ▪▪ ▪▪▪▪▪ ▪▪▪ ▪▪▪▪ ▪▪▪ ▪▪▪▪ ▪▪ ▪▪▪▪▪ ▪▪▪ ▪▪▪▪ ▪▪▪ ▪▪▪▪ ▪▪ ▪▪▪▪▪ ▪▪▪ ▪▪▪▪ ▪▪▪ ▪▪▪▪ ▪▪ ▪▪▪▪▪ ▪▪▪ ▪▪▪▪ ▪▪▪ ▪▪▪▪ ▪▪ ▪▪▪▪▪ ▪▪▪ ▪▪▪▪ ▪▪▪ ▪▪▪▪ ▪▪ ▪▪▪▪▪ ▪▪▪ ▪▪▪▪ ▪▪▪ ▪▪▪▪ ▪▪ ▪▪▪▪▪ ▪▪▪ ▪▪▪▪ ▪▪▪ ▪▪▪▪ ▪▪ ▪▪▪▪▪ ▪▪▪ ▪▪▪▪ ▪▪▪ ▪▪▪▪ ▪▪ ▪▪▪▪▪ ▪▪▪ ▪▪▪▪ ▪▪▪ ▪▪▪▪ ▪▪ ▪▪▪▪▪ ▪▪▪ ▪▪▪▪ ▪▪▪ ▪▪▪▪ ▪▪ ▪▪▪▪▪ ▪▪▪ ▪▪▪▪ ▪▪▪ ▪▪▪▪ ▪▪ ▪▪▪▪▪ ▪▪▪ ▪▪▪▪ ▪▪▪ ▪▪▪▪ ▪▪ ▪▪▪▪▪ ▪▪▪ ▪▪▪▪ ▪▪▪ ▪▪▪▪ ▪▪ ▪▪▪▪▪ ▪▪▪ ▪▪▪▪
এইচ আই ভি ৰোগীসহ
▪▪▪ ▪▪▪▪ ▪▪ ▪▪▪▪▪ ▪▪▪ ▪▪▪▪ ▪▪▪ ▪▪▪▪ ▪▪ ▪▪▪▪▪ ▪▪▪ ▪▪▪▪ ▪▪▪ ▪▪▪▪ ▪▪ ▪▪▪▪▪ ▪▪▪ ▪▪▪▪ ▪▪▪ ▪▪▪▪ ▪▪ ▪▪▪▪▪ ▪▪▪ ▪▪▪▪ ▪▪▪ ▪▪▪▪ ▪▪ ▪▪▪▪▪ ▪▪▪ ▪▪▪▪ ▪▪▪ ▪▪▪▪ ▪▪ ▪▪▪▪▪ ▪▪▪ ▪▪▪▪ ▪▪▪ ▪▪▪▪ ▪▪ ▪▪▪▪▪ ▪▪▪ ▪▪▪▪ ▪▪▪ ▪▪▪▪ ▪▪ ▪▪▪▪▪ ▪▪▪ ▪▪▪▪ ▪▪▪ ▪▪▪▪ ▪▪ ▪▪▪▪▪ ▪▪▪ ▪▪▪▪ ▪▪▪ ▪▪▪▪ ▪▪ ▪▪▪▪▪ ▪▪▪ ▪▪▪▪ ▪▪▪ ▪▪▪▪ ▪▪ ▪▪▪▪▪ ▪▪▪ ▪▪▪▪ ▪▪▪ ▪▪▪▪ ▪▪ ▪▪▪▪▪ ▪▪▪ ▪▪▪▪ ▪▪▪ ▪▪▪▪ ▪▪ ▪▪▪▪▪ ▪▪▪ ▪▪▪▪ ▪▪▪ ▪▪▪▪ ▪▪ ▪▪▪▪▪ ▪▪▪ ▪▪▪▪ ▪▪▪ ▪▪▪▪ ▪▪ ▪▪▪▪▪ ▪▪▪ ▪▪▪▪ ▪▪▪ ▪▪▪▪ ▪▪ ▪▪▪▪▪ ▪▪▪ ▪▪▪▪ ▪▪▪ ▪▪▪▪ ▪▪ ▪▪▪▪▪ ▪▪▪ ▪▪▪▪ ▪▪▪ ▪▪▪▪ ▪▪ ▪▪▪▪▪ ▪▪▪ ▪▪▪▪
শ্ৰীৰামপুৰত বুহৎ
▪▪▪ ▪▪▪▪ ▪▪ ▪▪▪▪▪ ▪▪▪ ▪▪▪▪ ▪▪▪ ▪▪▪▪ ▪▪ ▪▪▪▪▪ ▪▪▪ ▪▪▪▪ ▪▪▪ ▪▪▪▪ ▪▪ ▪▪▪▪▪ ▪▪▪ ▪▪▪▪ ▪▪▪ ▪▪▪▪ ▪▪ ▪▪▪▪▪ ▪▪▪ ▪▪▪▪ ▪▪▪ ▪▪▪▪ ▪▪ ▪▪▪▪▪ ▪▪▪ ▪▪▪▪ ▪▪▪ ▪▪▪▪ ▪▪ ▪▪▪▪▪ ▪▪▪ ▪▪▪▪ ▪▪▪ ▪▪▪▪ ▪▪ ▪▪▪▪▪ ▪▪▪ ▪▪▪▪
